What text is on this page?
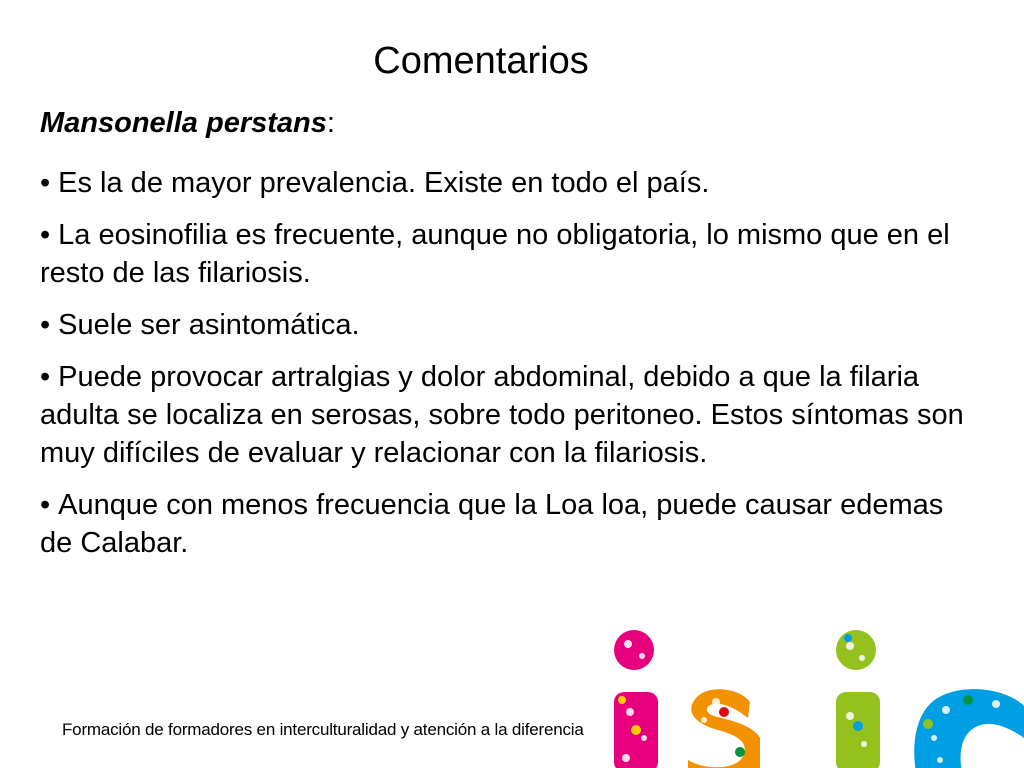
Comentarios
Mansonella perstans:

• Es la de mayor prevalencia. Existe en todo el país.

• La eosinofilia es frecuente, aunque no obligatoria, lo mismo que en el resto de las filariosis.

• Suele ser asintomática.

• Puede provocar artralgias y dolor abdominal, debido a que la filaria adulta se localiza en serosas, sobre todo peritoneo. Estos síntomas son muy difíciles de evaluar y relacionar con la filariosis.

• Aunque con menos frecuencia que la Loa loa, puede causar edemas de Calabar.

Formación de formadores en interculturalidad y atención a la diferencia
